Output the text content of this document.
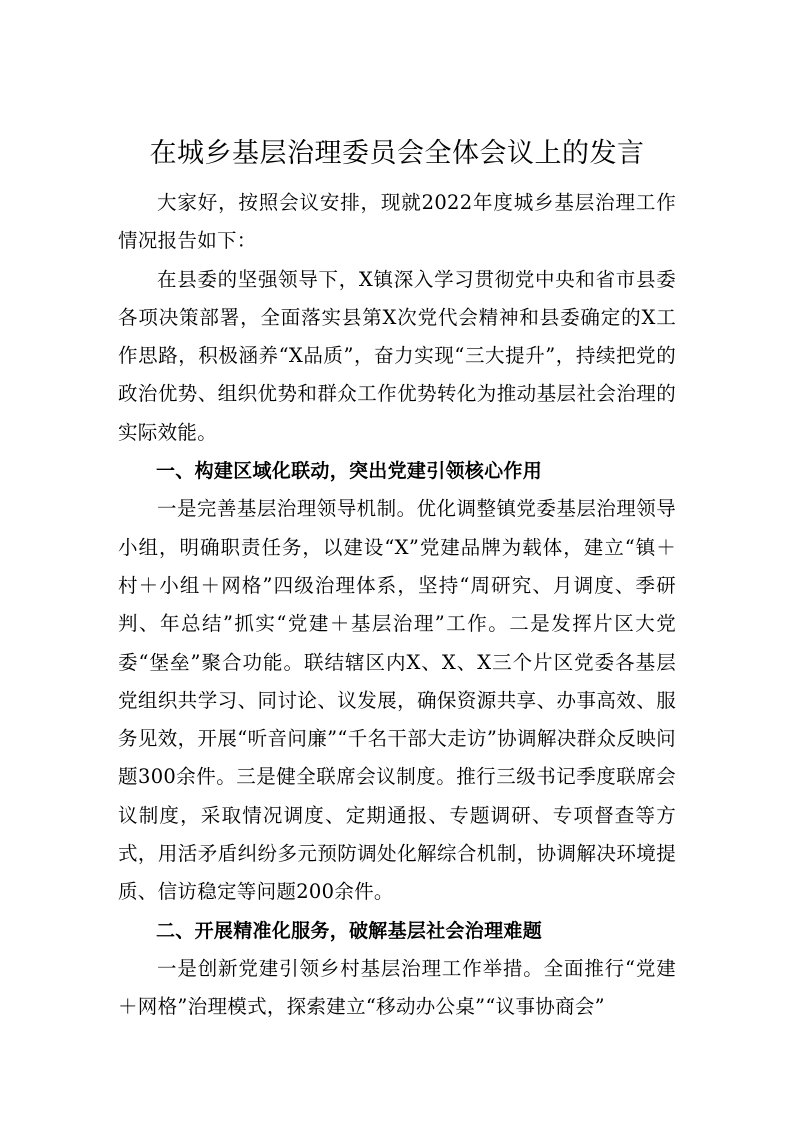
在城乡基层治理委员会全体会议上的发言

大家好，按照会议安排，现就2022年度城乡基层治理工作情况报告如下：

在县委的坚强领导下，X镇深入学习贯彻党中央和省市县委各项决策部署，全面落实县第X次党代会精神和县委确定的X工作思路，积极涵养“X品质”，奋力实现“三大提升”，持续把党的政治优势、组织优势和群众工作优势转化为推动基层社会治理的实际效能。

一、构建区域化联动，突出党建引领核心作用

一是完善基层治理领导机制。优化调整镇党委基层治理领导小组，明确职责任务，以建设“X”党建品牌为载体，建立“镇＋村＋小组＋网格”四级治理体系，坚持“周研究、月调度、季研判、年总结”抓实“党建＋基层治理”工作。二是发挥片区大党委“堡垒”聚合功能。联结辖区内X、X、X三个片区党委各基层党组织共学习、同讨论、议发展，确保资源共享、办事高效、服务见效，开展“听音问廉”“千名干部大走访”协调解决群众反映问题300余件。三是健全联席会议制度。推行三级书记季度联席会议制度，采取情况调度、定期通报、专题调研、专项督查等方式，用活矛盾纠纷多元预防调处化解综合机制，协调解决环境提质、信访稳定等问题200余件。

二、开展精准化服务，破解基层社会治理难题

一是创新党建引领乡村基层治理工作举措。全面推行“党建＋网格”治理模式，探索建立“移动办公桌”“议事协商会”
